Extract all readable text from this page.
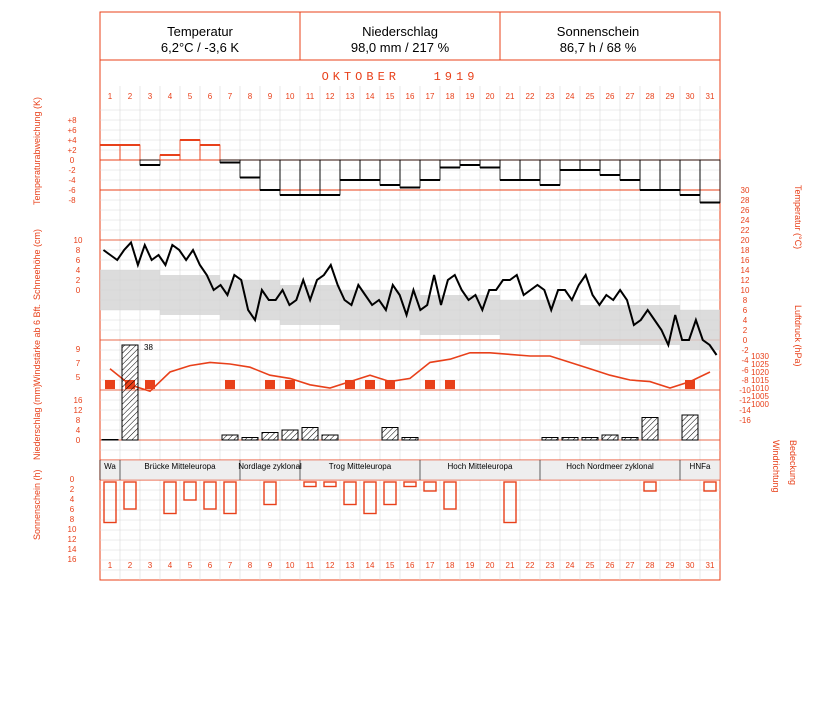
Temperatur
6,2°C / -3,6 K
Niederschlag
98,0 mm / 217 %
Sonnenschein
86,7 h / 68 %
OKTOBER   1919
1 2 3 4 5 6 7 8 9 10 11 12 13 14 15 16 17 18 19 20 21 22 23 24 25 26 27 28 29 30 31
1 2 3 4 5 6 7 8 9 10 11 12 13 14 15 16 17 18 19 20 21 22 23 24 25 26 27 28 29 30 31
Temperaturabweichung (K)
Schneehöhe (cm)
Windstärke ab 6 Bft.
Niederschlag (mm)
Sonnenschein (h)
Temperatur (°C)
Luftdruck (hPa)
Windrichtung Bedeckung
+8
+6
+4
+2
0
-2
-4
-6
-8
10
8
6
4
2
0
9
7
5
16
12
8
4
0
0
2
4
6
8
10
12
14
16
30
28
26
24
22
20
18
16
14
12
10
8
6
4
2
0
-2
-4
-6
-8
-10
-12
-14
-16
1030
1025
1020
1015
1010
1005
1000
38
Wa	Brücke Mitteleuropa	Nordlage zyklonal	Trog Mitteleuropa	Hoch Mitteleuropa	Hoch Nordmeer zyklonal	HNFa
